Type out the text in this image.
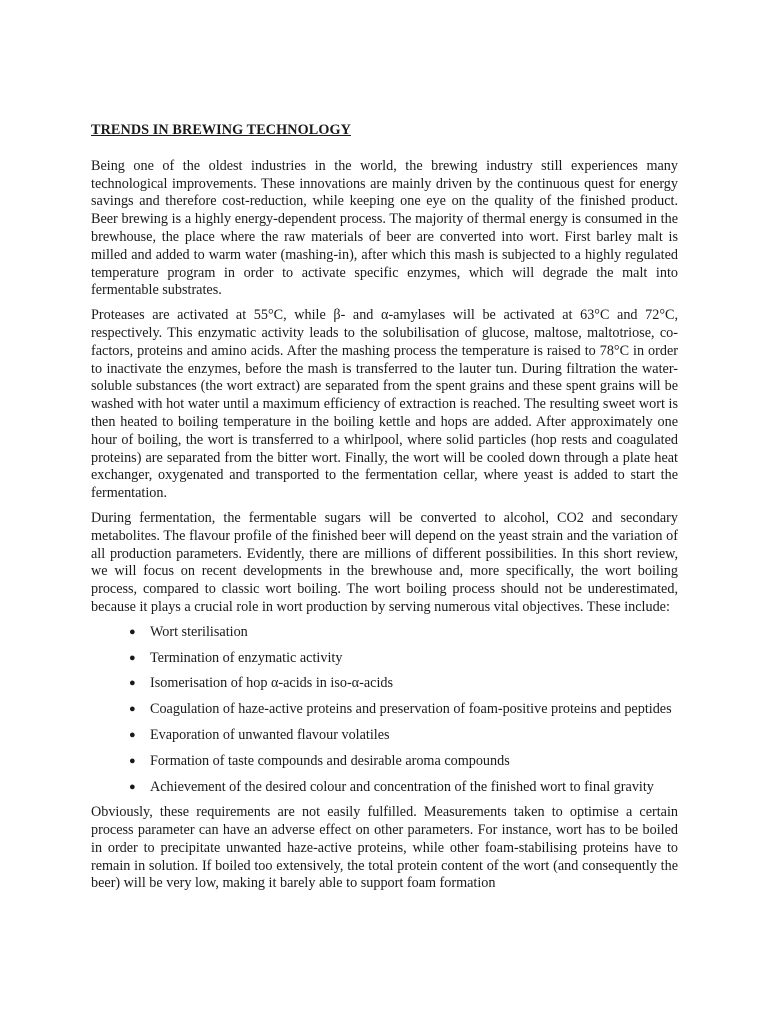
TRENDS IN BREWING TECHNOLOGY

Being one of the oldest industries in the world, the brewing industry still experiences many technological improvements. These innovations are mainly driven by the continuous quest for energy savings and therefore cost-reduction, while keeping one eye on the quality of the finished product. Beer brewing is a highly energy-dependent process. The majority of thermal energy is consumed in the brewhouse, the place where the raw materials of beer are converted into wort. First barley malt is milled and added to warm water (mashing-in), after which this mash is subjected to a highly regulated temperature program in order to activate specific enzymes, which will degrade the malt into fermentable substrates.

Proteases are activated at 55°C, while β- and α-amylases will be activated at 63°C and 72°C, respectively. This enzymatic activity leads to the solubilisation of glucose, maltose, maltotriose, co-factors, proteins and amino acids. After the mashing process the temperature is raised to 78°C in order to inactivate the enzymes, before the mash is transferred to the lauter tun. During filtration the water-soluble substances (the wort extract) are separated from the spent grains and these spent grains will be washed with hot water until a maximum efficiency of extraction is reached. The resulting sweet wort is then heated to boiling temperature in the boiling kettle and hops are added. After approximately one hour of boiling, the wort is transferred to a whirlpool, where solid particles (hop rests and coagulated proteins) are separated from the bitter wort. Finally, the wort will be cooled down through a plate heat exchanger, oxygenated and transported to the fermentation cellar, where yeast is added to start the fermentation.

During fermentation, the fermentable sugars will be converted to alcohol, CO2 and secondary metabolites. The flavour profile of the finished beer will depend on the yeast strain and the variation of all production parameters. Evidently, there are millions of different possibilities. In this short review, we will focus on recent developments in the brewhouse and, more specifically, the wort boiling process, compared to classic wort boiling. The wort boiling process should not be underestimated, because it plays a crucial role in wort production by serving numerous vital objectives. These include:

●	Wort sterilisation
●	Termination of enzymatic activity
●	Isomerisation of hop α-acids in iso-α-acids
●	Coagulation of haze-active proteins and preservation of foam-positive proteins and peptides
●	Evaporation of unwanted flavour volatiles
●	Formation of taste compounds and desirable aroma compounds
●	Achievement of the desired colour and concentration of the finished wort to final gravity

Obviously, these requirements are not easily fulfilled. Measurements taken to optimise a certain process parameter can have an adverse effect on other parameters. For instance, wort has to be boiled in order to precipitate unwanted haze-active proteins, while other foam-stabilising proteins have to remain in solution. If boiled too extensively, the total protein content of the wort (and consequently the beer) will be very low, making it barely able to support foam formation
